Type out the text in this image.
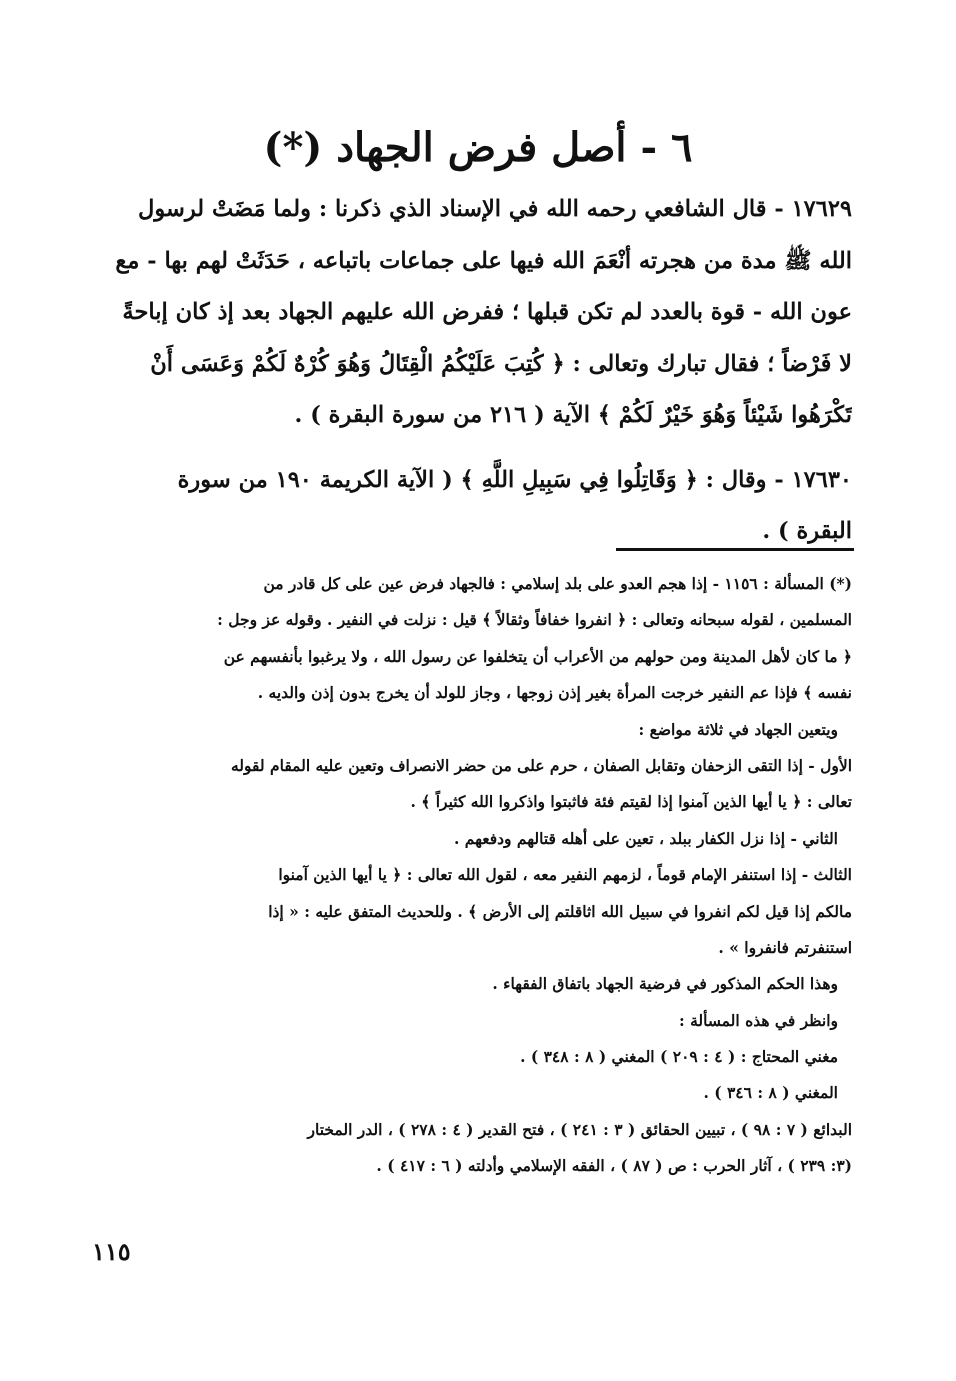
٦ - أصل فرض الجهاد (*)

١٧٦٢٩ - قال الشافعي رحمه الله في الإسناد الذي ذكرنا : ولما مَضَتْ لرسول
الله ﷺ مدة من هجرته أنْعَمَ الله فيها على جماعات باتباعه ، حَدَثَتْ لهم بها - مع
عون الله - قوة بالعدد لم تكن قبلها ؛ ففرض الله عليهم الجهاد بعد إذ كان إباحةً
لا فَرْضاً ؛ فقال تبارك وتعالى : ﴿ كُتِبَ عَلَيْكُمُ الْقِتَالُ وَهُوَ كُرْهٌ لَكُمْ وَعَسَى أَنْ
تَكْرَهُوا شَيْئاً وَهُوَ خَيْرٌ لَكُمْ ﴾ الآية ( ٢١٦ من سورة البقرة ) .

١٧٦٣٠ - وقال : ﴿ وَقَاتِلُوا فِي سَبِيلِ اللَّهِ ﴾ ( الآية الكريمة ١٩٠ من سورة
البقرة ) .

(*) المسألة : ١١٥٦ - إذا هجم العدو على بلد إسلامي : فالجهاد فرض عين على كل قادر من
المسلمين ، لقوله سبحانه وتعالى : ﴿ انفروا خفافاً وثقالاً ﴾ قيل : نزلت في النفير . وقوله عز وجل :
﴿ ما كان لأهل المدينة ومن حولهم من الأعراب أن يتخلفوا عن رسول الله ، ولا يرغبوا بأنفسهم عن
نفسه ﴾ فإذا عم النفير خرجت المرأة بغير إذن زوجها ، وجاز للولد أن يخرج بدون إذن والديه .
ويتعين الجهاد في ثلاثة مواضع :
الأول - إذا التقى الزحفان وتقابل الصفان ، حرم على من حضر الانصراف وتعين عليه المقام لقوله
تعالى : ﴿ يا أيها الذين آمنوا إذا لقيتم فئة فاثبتوا واذكروا الله كثيراً ﴾ .
الثاني - إذا نزل الكفار ببلد ، تعين على أهله قتالهم ودفعهم .
الثالث - إذا استنفر الإمام قوماً ، لزمهم النفير معه ، لقول الله تعالى : ﴿ يا أيها الذين آمنوا
مالكم إذا قيل لكم انفروا في سبيل الله اثاقلتم إلى الأرض ﴾ . وللحديث المتفق عليه : « إذا
استنفرتم فانفروا » .
وهذا الحكم المذكور في فرضية الجهاد باتفاق الفقهاء .
وانظر في هذه المسألة :
مغني المحتاج : ( ٤ : ٢٠٩ ) المغني ( ٨ : ٣٤٨ ) .
المغني ( ٨ : ٣٤٦ ) .
البدائع ( ٧ : ٩٨ ) ، تبيين الحقائق ( ٣ : ٢٤١ ) ، فتح القدير ( ٤ : ٢٧٨ ) ، الدر المختار
(٣: ٢٣٩ ) ، آثار الحرب : ص ( ٨٧ ) ، الفقه الإسلامي وأدلته ( ٦ : ٤١٧ ) .
١١٥
